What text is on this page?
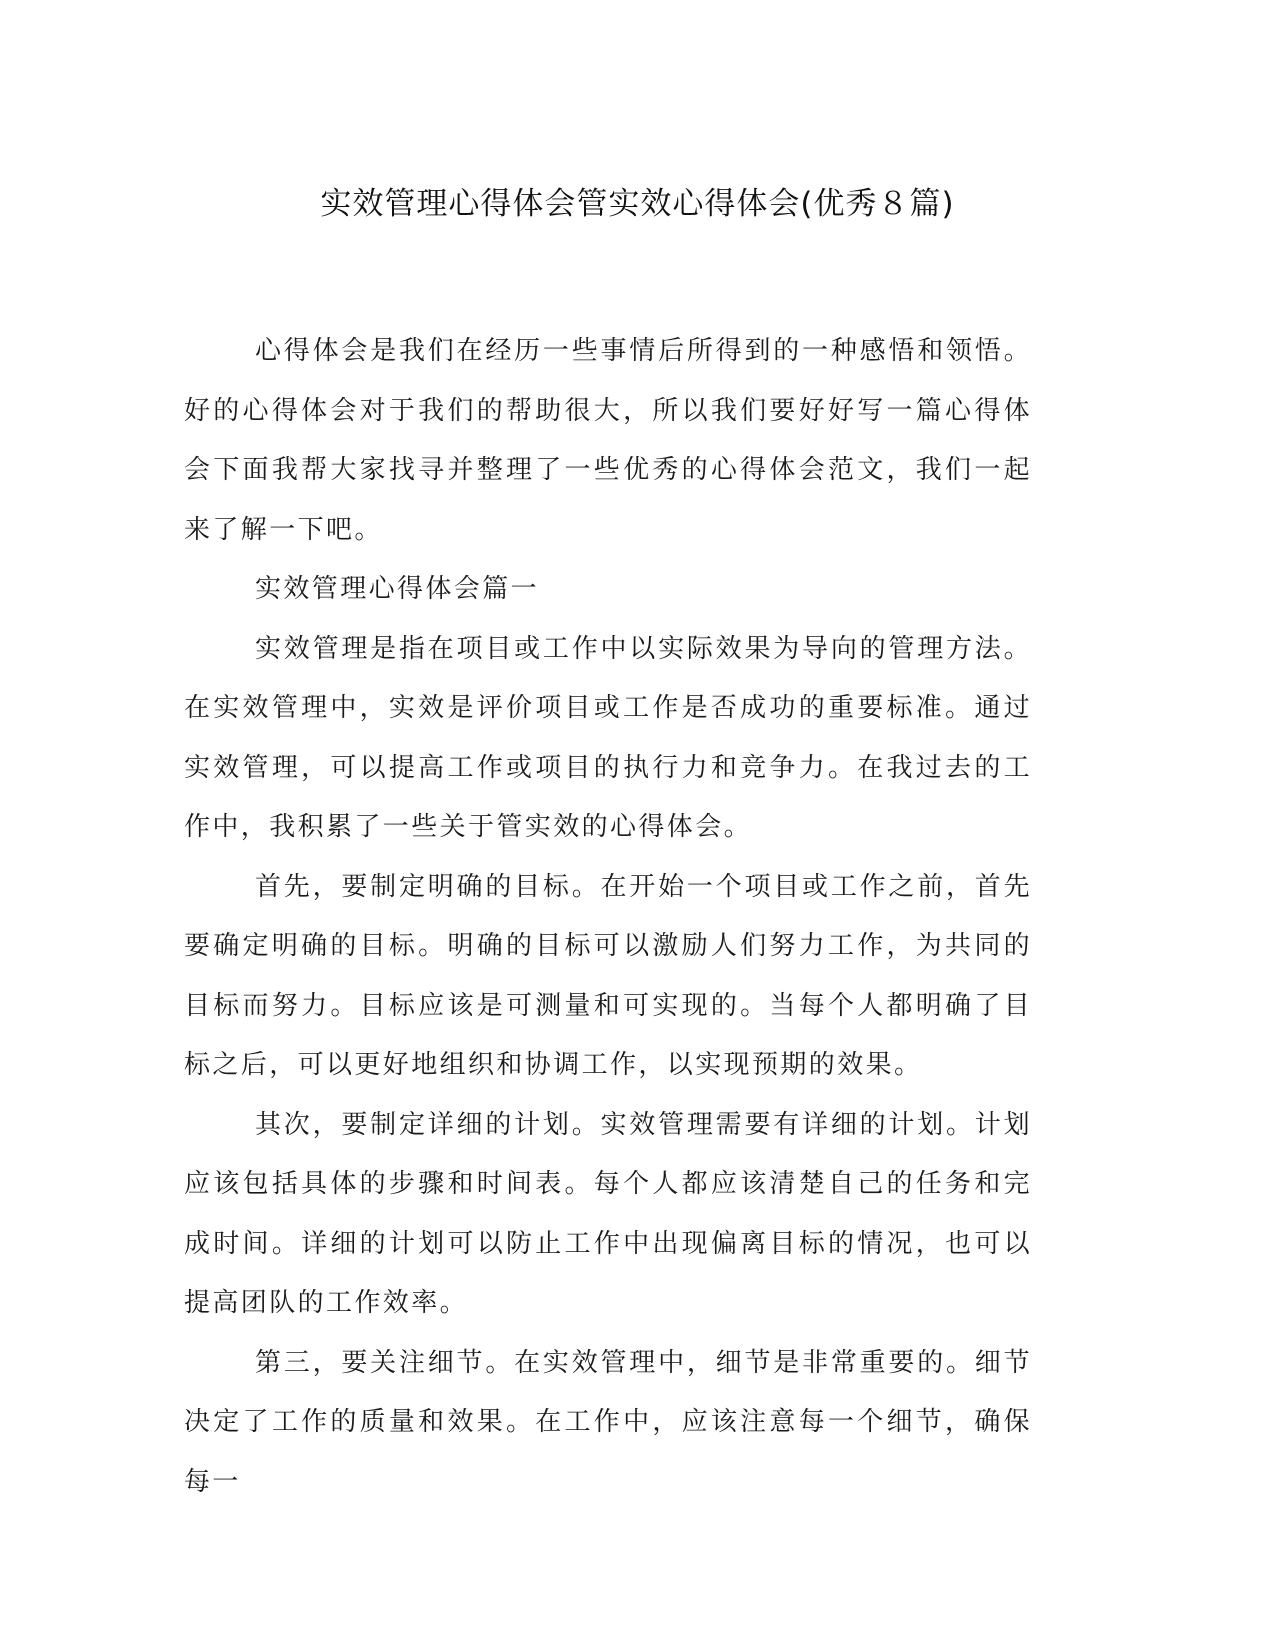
实效管理心得体会管实效心得体会(优秀８篇)

心得体会是我们在经历一些事情后所得到的一种感悟和领悟。好的心得体会对于我们的帮助很大，所以我们要好好写一篇心得体会下面我帮大家找寻并整理了一些优秀的心得体会范文，我们一起来了解一下吧。

实效管理心得体会篇一

实效管理是指在项目或工作中以实际效果为导向的管理方法。在实效管理中，实效是评价项目或工作是否成功的重要标准。通过实效管理，可以提高工作或项目的执行力和竞争力。在我过去的工作中，我积累了一些关于管实效的心得体会。

首先，要制定明确的目标。在开始一个项目或工作之前，首先要确定明确的目标。明确的目标可以激励人们努力工作，为共同的目标而努力。目标应该是可测量和可实现的。当每个人都明确了目标之后，可以更好地组织和协调工作，以实现预期的效果。

其次，要制定详细的计划。实效管理需要有详细的计划。计划应该包括具体的步骤和时间表。每个人都应该清楚自己的任务和完成时间。详细的计划可以防止工作中出现偏离目标的情况，也可以提高团队的工作效率。

第三，要关注细节。在实效管理中，细节是非常重要的。细节决定了工作的质量和效果。在工作中，应该注意每一个细节，确保每一
